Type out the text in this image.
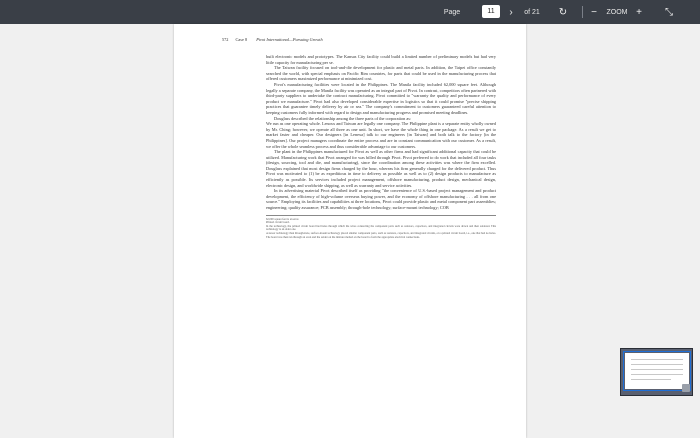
Page	11	›	of 21	↻	−	ZOOM +	⤡
572 Case 8 Pivot International—Pursuing Growth

built electronic models and prototypes. The Kansas City facility could build a limited number of preliminary models but had very little capacity for manufacturing per se.

The Taiwan facility focused on tool-and-die development for plastic and metal parts. In addition, the Taipei office constantly searched the world, with special emphasis on Pacific Rim countries, for parts that could be used in the manufacturing process that offered customers maximized performance at minimized cost.

Pivot's manufacturing facilities were located in the Philippines. The Manila facility included 62,000 square feet. Although legally a separate company, the Manila facility was operated as an integral part of Pivot. In contrast, competitors often partnered with third-party suppliers to undertake the contract manufacturing. Pivot committed to "warranty the quality and performance of every product we manufacture." Pivot had also developed considerable expertise in logistics so that it could promise "precise shipping practices that guarantee timely delivery by air or sea." The company's commitment to customers guaranteed careful attention to keeping customers fully informed with regard to design and manufacturing progress and promised meeting deadlines.

Douglass described the relationship among the three parts of the corporation as:

We run as one operating whole. Lenoxx and Taiwan are legally one company. The Philippine plant is a separate entity wholly owned by Mr. Ching; however, we operate all three as one unit. In short, we have the whole thing in one package. As a result we get to market faster and cheaper. Our designers [in Lenexa] talk to our engineers [in Taiwan] and both talk to the factory [in the Philippines]. Our project managers coordinate the entire process and are in constant communication with our customer. As a result, we offer the whole seamless process and thus considerable advantage to our customers.

The plant in the Philippines manufactured for Pivot as well as other firms and had significant additional capacity that could be utilized. Manufacturing work that Pivot arranged for was billed through Pivot. Pivot preferred to do work that included all four tasks (design, sourcing, tool and die, and manufacturing), since the coordination among these activities was where the firm excelled. Douglass explained that most design firms charged by the hour, whereas his firm generally charged for the delivered product. Thus Pivot was motivated to (1) be as expeditious in time to delivery as possible as well as to (2) design products to manufacture as efficiently as possible. Its services included project management, offshore manufacturing, product design, mechanical design, electronic design, and worldwide shipping, as well as warranty and service activities.

In its advertising material Pivot described itself as providing "the convenience of U.S.-based project management and product development, the efficiency of high-volume overseas buying power, and the economy of offshore manufacturing . . . all from one source." Employing its facilities and capabilities at three locations, Pivot could provide plastic and metal component part assemblies; engineering; quality assurance; PCB assembly; through-hole technology; surface-mount technology; COB

62,000 square feet is an error.
Printed circuit board.
In the technology, the printed circuit board had holes through which the wires connecting the component parts such as resistors, capacitors, and integrated circuits were drawn and then soldered. This technology is an older one.
A newer technology than through-hole, surface-mount technology placed smaller component parts, such as resistors, capacitors, and integrated circuits, on a printed circuit board, i.e., one that had no holes. The board was then run through an oven and the solder on the mixture melted on the board to form the appropriate electrical connections.
